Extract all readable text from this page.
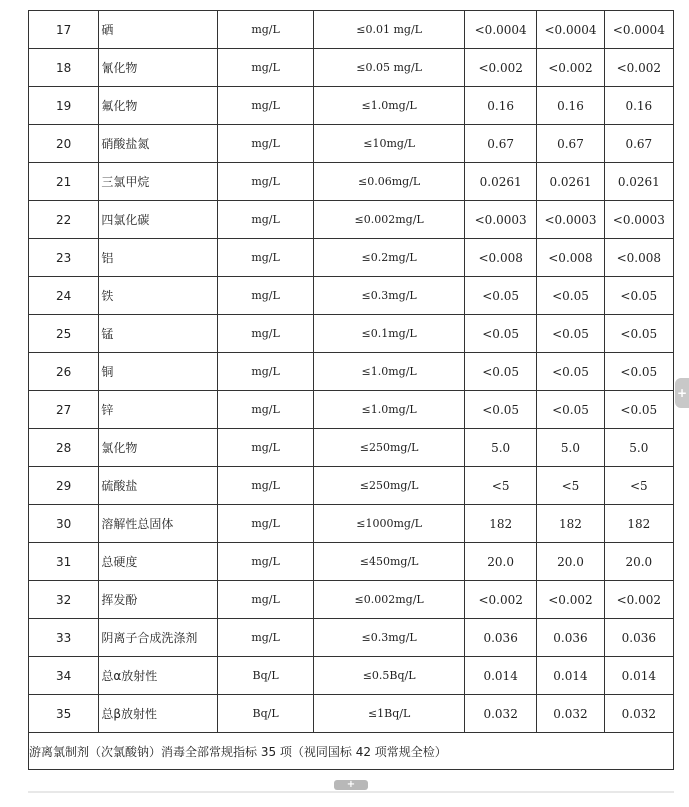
17	硒	mg/L	≤0.01 mg/L	<0.0004	<0.0004	<0.0004
18	氰化物	mg/L	≤0.05 mg/L	<0.002	<0.002	<0.002
19	氟化物	mg/L	≤1.0mg/L	0.16	0.16	0.16
20	硝酸盐氮	mg/L	≤10mg/L	0.67	0.67	0.67
21	三氯甲烷	mg/L	≤0.06mg/L	0.0261	0.0261	0.0261
22	四氯化碳	mg/L	≤0.002mg/L	<0.0003	<0.0003	<0.0003
23	铝	mg/L	≤0.2mg/L	<0.008	<0.008	<0.008
24	铁	mg/L	≤0.3mg/L	<0.05	<0.05	<0.05
25	锰	mg/L	≤0.1mg/L	<0.05	<0.05	<0.05
26	铜	mg/L	≤1.0mg/L	<0.05	<0.05	<0.05
27	锌	mg/L	≤1.0mg/L	<0.05	<0.05	<0.05
28	氯化物	mg/L	≤250mg/L	5.0	5.0	5.0
29	硫酸盐	mg/L	≤250mg/L	<5	<5	<5
30	溶解性总固体	mg/L	≤1000mg/L	182	182	182
31	总硬度	mg/L	≤450mg/L	20.0	20.0	20.0
32	挥发酚	mg/L	≤0.002mg/L	<0.002	<0.002	<0.002
33	阴离子合成洗涤剂	mg/L	≤0.3mg/L	0.036	0.036	0.036
34	总α放射性	Bq/L	≤0.5Bq/L	0.014	0.014	0.014
35	总β放射性	Bq/L	≤1Bq/L	0.032	0.032	0.032
游离氯制剂（次氯酸钠）消毒全部常规指标 35 项（视同国标 42 项常规全检）						
+
+
